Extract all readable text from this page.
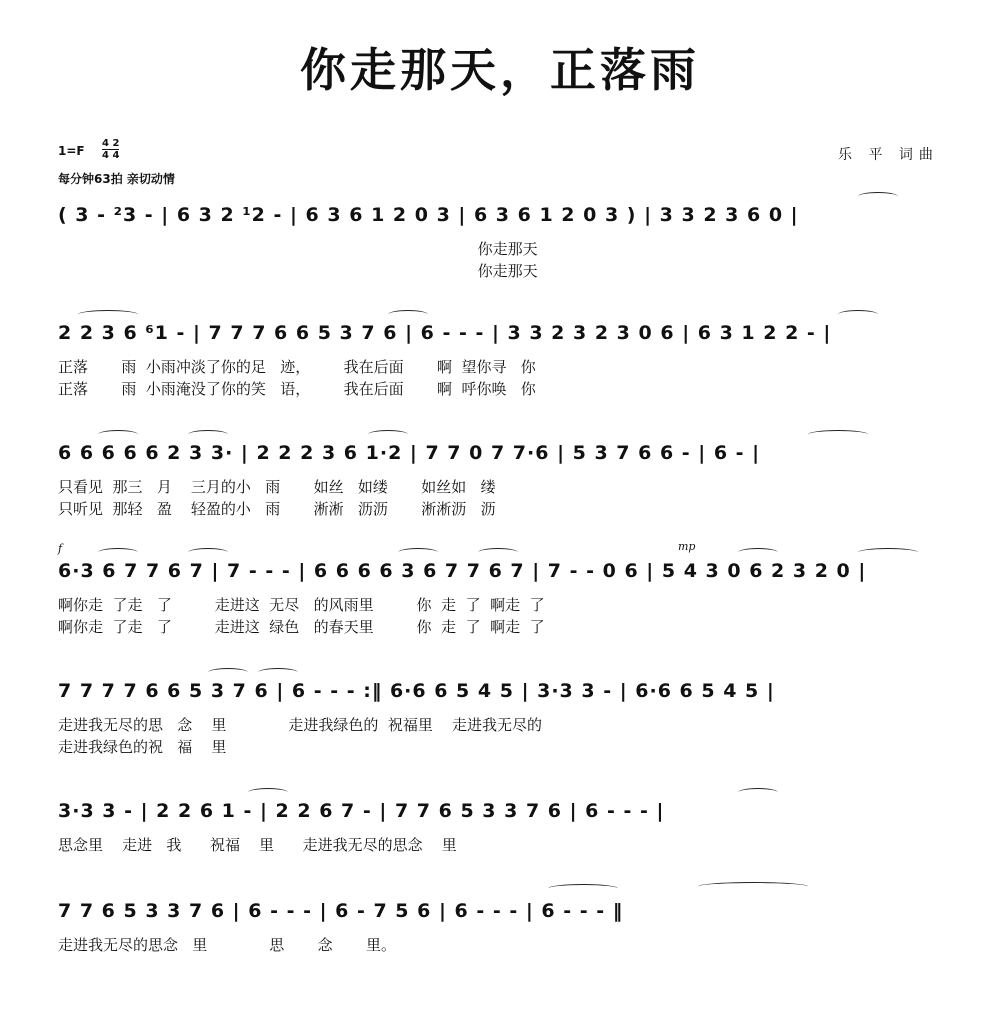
你走那天，正落雨
1=F
4 2
4 4
每分钟63拍 亲切动情
乐 平 词曲
( 3 - ²3 - | 6 3 2 ¹2 - | 6 3 6 1 2 0 3 | 6 3 6 1 2 0 3 ) | 3 3 2 3 6 0 |
你走那天
你走那天
2 2 3 6 ⁶1 - | 7 7 7 6 6 5 3 7 6 | 6 - - - | 3 3 2 3 2 3 0 6 | 6 3 1 2 2 - |
正落       雨  小雨冲淡了你的足   迹，       我在后面       啊  望你寻   你
正落       雨  小雨淹没了你的笑   语，       我在后面       啊  呼你唤   你
6 6 6 6 6 2 3 3· | 2 2 2 3 6 1·2 | 7 7 0 7 7·6 | 5 3 7 6 6 - | 6 - |
只看见  那三   月    三月的小   雨       如丝   如缕       如丝如   缕
只听见  那轻   盈    轻盈的小   雨       淅淅   沥沥       淅淅沥   沥
f	mp
6·3 6 7 7 6 7 | 7 - - - | 6 6 6 6 3 6 7 7 6 7 | 7 - - 0 6 | 5 4 3 0 6 2 3 2 0 |
啊你走  了走   了         走进这  无尽   的风雨里         你  走  了  啊走  了
啊你走  了走   了         走进这  绿色   的春天里         你  走  了  啊走  了
7 7 7 7 6 6 5 3 7 6 | 6 - - - :‖ 6·6 6 5 4 5 | 3·3 3 - | 6·6 6 5 4 5 |
走进我无尽的思   念    里             走进我绿色的  祝福里    走进我无尽的
走进我绿色的祝   福    里
3·3 3 - | 2 2 6 1 - | 2 2 6 7 - | 7 7 6 5 3 3 7 6 | 6 - - - |
思念里    走进   我      祝福    里      走进我无尽的思念    里
7 7 6 5 3 3 7 6 | 6 - - - | 6 - 7 5 6 | 6 - - - | 6 - - - ‖
走进我无尽的思念   里             思       念       里。
